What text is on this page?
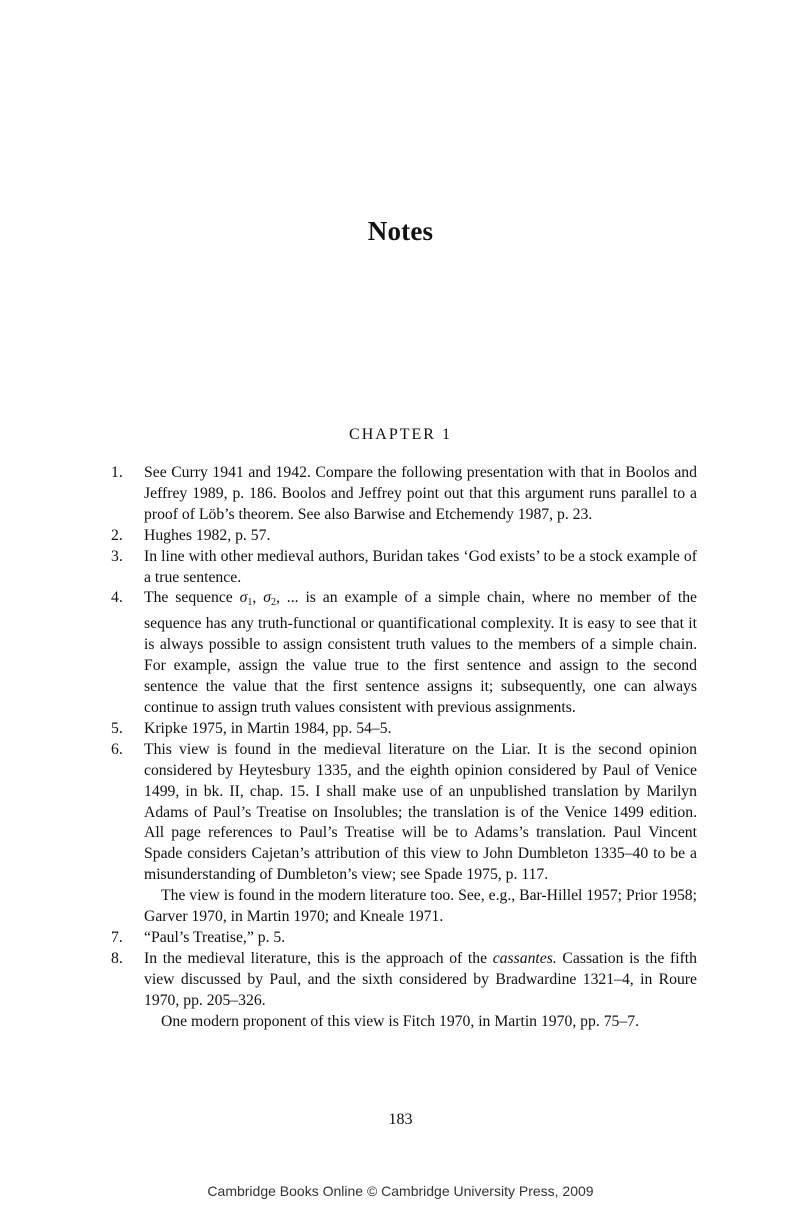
Notes
CHAPTER 1
1.	See Curry 1941 and 1942. Compare the following presentation with that in Boolos and Jeffrey 1989, p. 186. Boolos and Jeffrey point out that this argument runs parallel to a proof of Löb’s theorem. See also Barwise and Etchemendy 1987, p. 23.

2.	Hughes 1982, p. 57.

3.	In line with other medieval authors, Buridan takes ‘God exists’ to be a stock example of a true sentence.

4.	The sequence $\sigma_1$, $\sigma_2$, ... is an example of a simple chain, where no member of the sequence has any truth-functional or quantificational complexity. It is easy to see that it is always possible to assign consistent truth values to the members of a simple chain. For example, assign the value true to the first sentence and assign to the second sentence the value that the first sentence assigns it; subsequently, one can always continue to assign truth values consistent with previous assignments.

5.	Kripke 1975, in Martin 1984, pp. 54–5.

6.	This view is found in the medieval literature on the Liar. It is the second opinion considered by Heytesbury 1335, and the eighth opinion considered by Paul of Venice 1499, in bk. II, chap. 15. I shall make use of an unpublished translation by Marilyn Adams of Paul’s Treatise on Insolubles; the translation is of the Venice 1499 edition. All page references to Paul’s Treatise will be to Adams’s translation. Paul Vincent Spade considers Cajetan’s attribution of this view to John Dumbleton 1335–40 to be a misunderstanding of Dumbleton’s view; see Spade 1975, p. 117.

The view is found in the modern literature too. See, e.g., Bar-Hillel 1957; Prior 1958; Garver 1970, in Martin 1970; and Kneale 1971.

7.	“Paul’s Treatise,” p. 5.

8.	In the medieval literature, this is the approach of the cassantes. Cassation is the fifth view discussed by Paul, and the sixth considered by Bradwardine 1321–4, in Roure 1970, pp. 205–326.

One modern proponent of this view is Fitch 1970, in Martin 1970, pp. 75–7.

183
Cambridge Books Online © Cambridge University Press, 2009
